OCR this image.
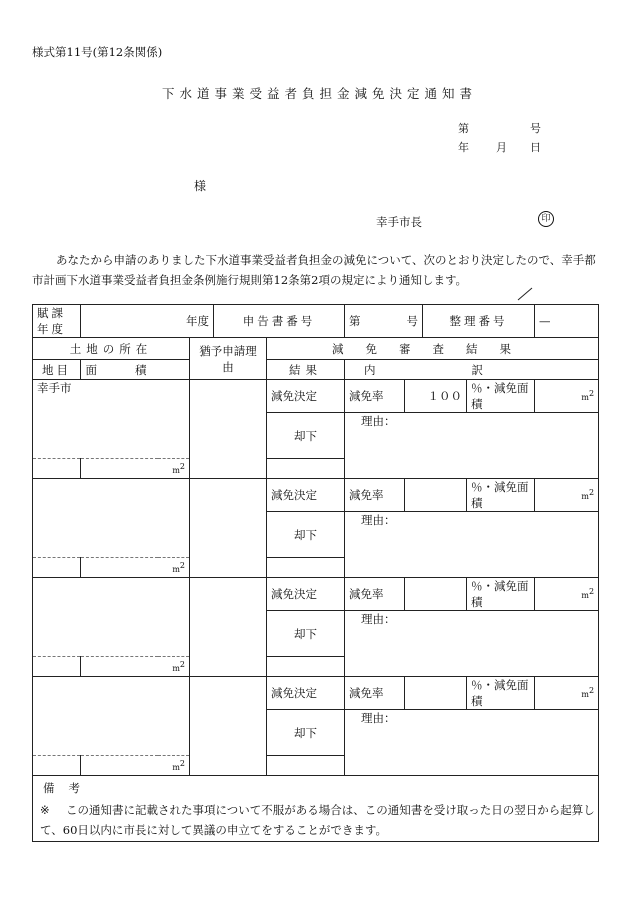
様式第11号(第12条関係)
下水道事業受益者負担金減免決定通知書
第	号
年 月 日
様
幸手市長	印
あなたから申請のありました下水道事業受益者負担金の減免について、次のとおり決定したので、幸手都市計画下水道事業受益者負担金条例施行規則第12条第2項の規定により通知します。
賦課年度	年度		申告書番号		第 号		整理番号		—
土地の所在		猶予申請理由		減免審査結果					
地目	面積			結果	内訳				
幸手市				減免決定	減免率	１００		％・減免面積	$m^2$
				却下	理由：				

	$m^2$	
				減免決定	減免率			％・減免面積	$m^2$
				却下	理由：				

	$m^2$	
				減免決定	減免率			％・減免面積	$m^2$
				却下	理由：				

	$m^2$	
				減免決定	減免率			％・減免面積	$m^2$
				却下	理由：				

	$m^2$	
備考									
※ この通知書に記載された事項について不服がある場合は、この通知書を受け取った日の翌日から起算して、60日以内に市長に対して異議の申立てをすることができます。
